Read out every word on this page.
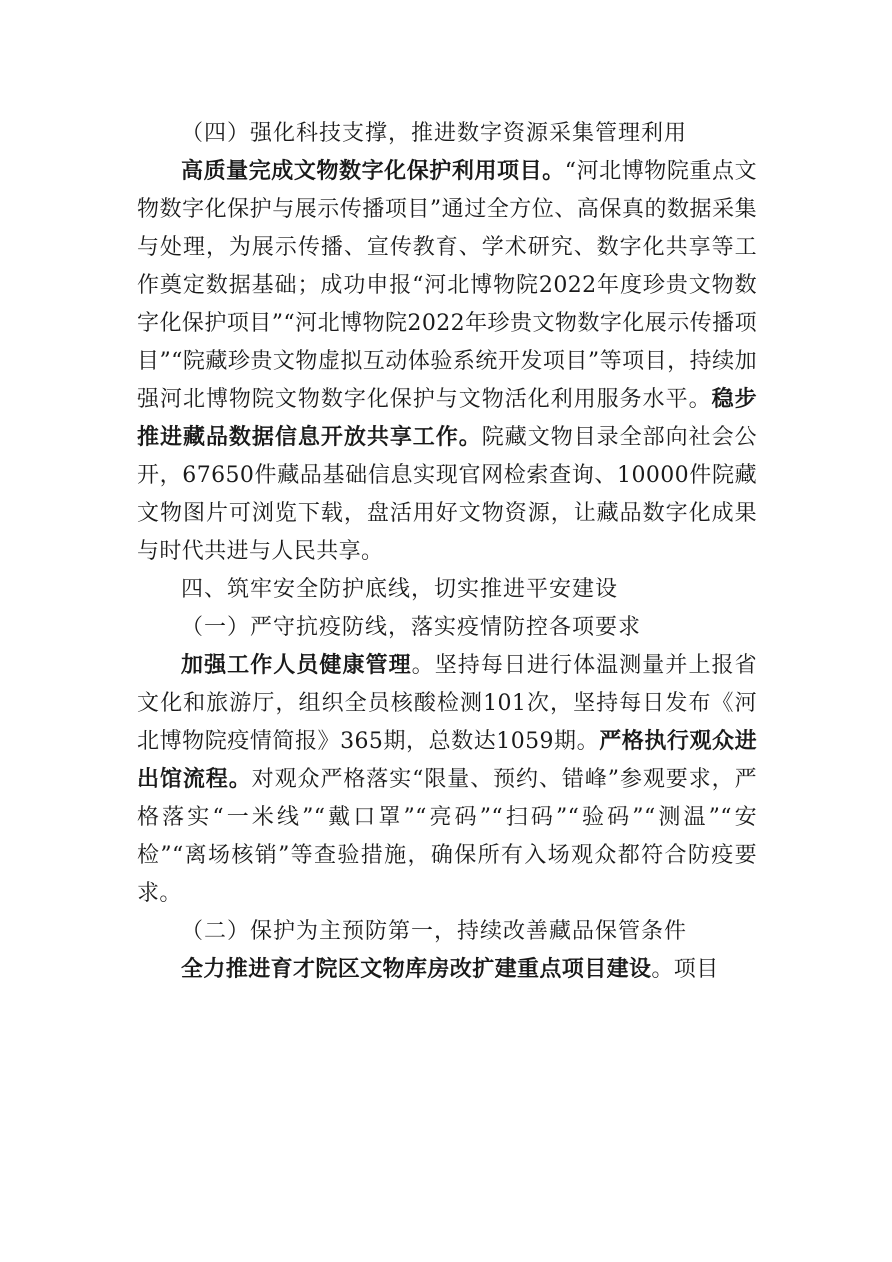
（四）强化科技支撑，推进数字资源采集管理利用

高质量完成文物数字化保护利用项目。“河北博物院重点文物数字化保护与展示传播项目”通过全方位、高保真的数据采集与处理，为展示传播、宣传教育、学术研究、数字化共享等工作奠定数据基础；成功申报“河北博物院2022年度珍贵文物数字化保护项目”“河北博物院2022年珍贵文物数字化展示传播项目”“院藏珍贵文物虚拟互动体验系统开发项目”等项目，持续加强河北博物院文物数字化保护与文物活化利用服务水平。稳步推进藏品数据信息开放共享工作。院藏文物目录全部向社会公开，67650件藏品基础信息实现官网检索查询、10000件院藏文物图片可浏览下载，盘活用好文物资源，让藏品数字化成果与时代共进与人民共享。

四、筑牢安全防护底线，切实推进平安建设

（一）严守抗疫防线，落实疫情防控各项要求

加强工作人员健康管理。坚持每日进行体温测量并上报省文化和旅游厅，组织全员核酸检测101次，坚持每日发布《河北博物院疫情简报》365期，总数达1059期。严格执行观众进出馆流程。对观众严格落实“限量、预约、错峰”参观要求，严格落实“一米线”“戴口罩”“亮码”“扫码”“验码”“测温”“安检”“离场核销”等查验措施，确保所有入场观众都符合防疫要求。

（二）保护为主预防第一，持续改善藏品保管条件

全力推进育才院区文物库房改扩建重点项目建设。项目
